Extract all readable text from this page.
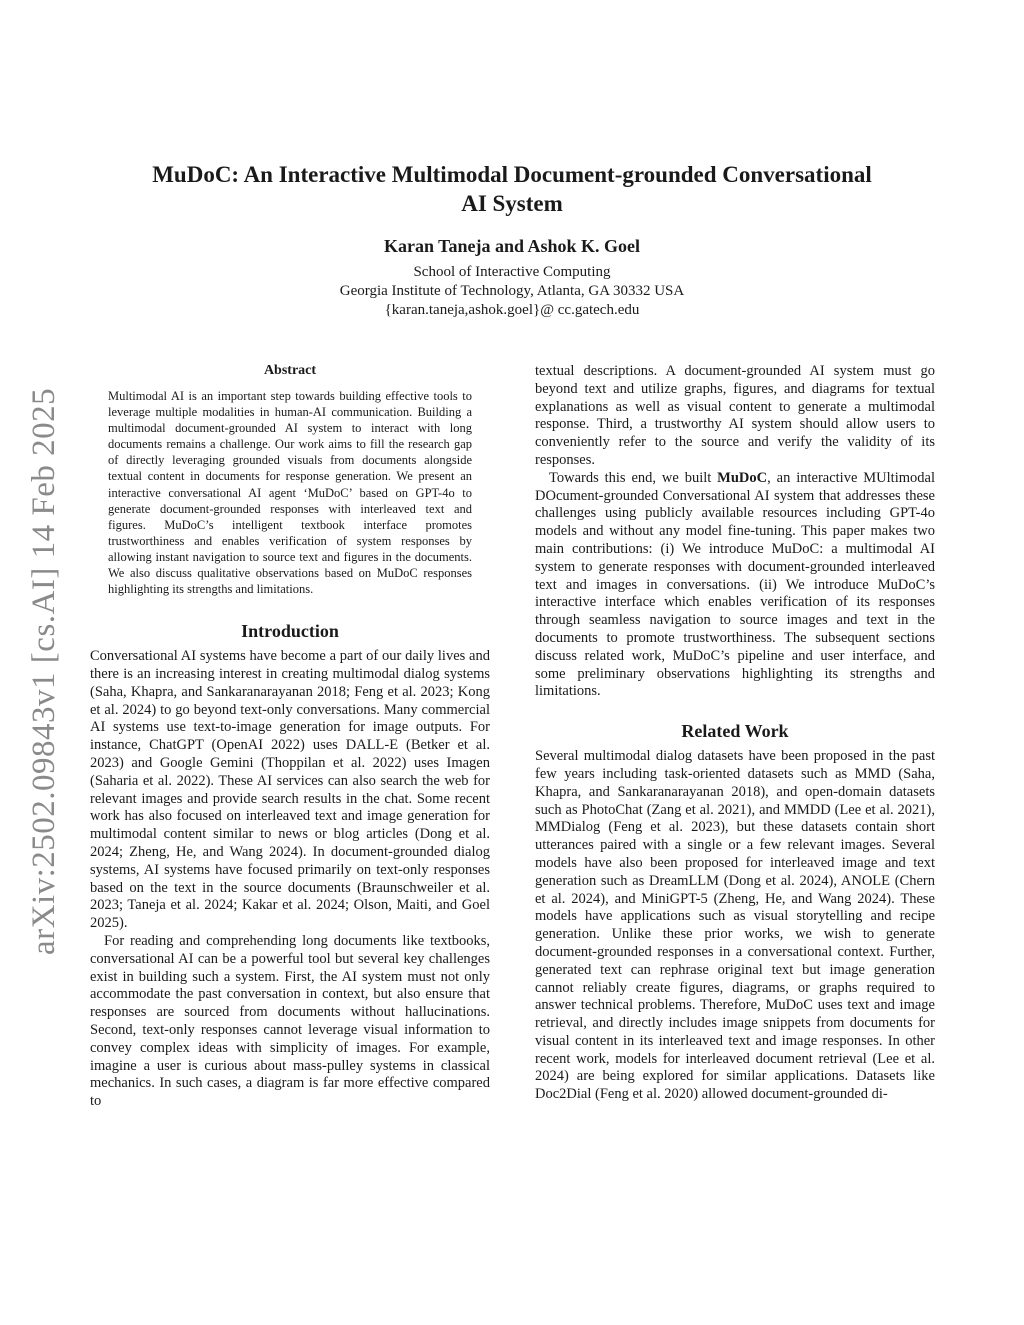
arXiv:2502.09843v1 [cs.AI] 14 Feb 2025
MuDoC: An Interactive Multimodal Document-grounded Conversational AI System
Karan Taneja and Ashok K. Goel
School of Interactive Computing
Georgia Institute of Technology, Atlanta, GA 30332 USA
{karan.taneja,ashok.goel}@ cc.gatech.edu
Abstract

Multimodal AI is an important step towards building effective tools to leverage multiple modalities in human-AI communication. Building a multimodal document-grounded AI system to interact with long documents remains a challenge. Our work aims to fill the research gap of directly leveraging grounded visuals from documents alongside textual content in documents for response generation. We present an interactive conversational AI agent ‘MuDoC’ based on GPT-4o to generate document-grounded responses with interleaved text and figures. MuDoC’s intelligent textbook interface promotes trustworthiness and enables verification of system responses by allowing instant navigation to source text and figures in the documents. We also discuss qualitative observations based on MuDoC responses highlighting its strengths and limitations.

Introduction

Conversational AI systems have become a part of our daily lives and there is an increasing interest in creating multimodal dialog systems (Saha, Khapra, and Sankaranarayanan 2018; Feng et al. 2023; Kong et al. 2024) to go beyond text-only conversations. Many commercial AI systems use text-to-image generation for image outputs. For instance, ChatGPT (OpenAI 2022) uses DALL-E (Betker et al. 2023) and Google Gemini (Thoppilan et al. 2022) uses Imagen (Saharia et al. 2022). These AI services can also search the web for relevant images and provide search results in the chat. Some recent work has also focused on interleaved text and image generation for multimodal content similar to news or blog articles (Dong et al. 2024; Zheng, He, and Wang 2024). In document-grounded dialog systems, AI systems have focused primarily on text-only responses based on the text in the source documents (Braunschweiler et al. 2023; Taneja et al. 2024; Kakar et al. 2024; Olson, Maiti, and Goel 2025).

For reading and comprehending long documents like textbooks, conversational AI can be a powerful tool but several key challenges exist in building such a system. First, the AI system must not only accommodate the past conversation in context, but also ensure that responses are sourced from documents without hallucinations. Second, text-only responses cannot leverage visual information to convey complex ideas with simplicity of images. For example, imagine a user is curious about mass-pulley systems in classical mechanics. In such cases, a diagram is far more effective compared to

textual descriptions. A document-grounded AI system must go beyond text and utilize graphs, figures, and diagrams for textual explanations as well as visual content to generate a multimodal response. Third, a trustworthy AI system should allow users to conveniently refer to the source and verify the validity of its responses.

Towards this end, we built MuDoC, an interactive MUltimodal DOcument-grounded Conversational AI system that addresses these challenges using publicly available resources including GPT-4o models and without any model fine-tuning. This paper makes two main contributions: (i) We introduce MuDoC: a multimodal AI system to generate responses with document-grounded interleaved text and images in conversations. (ii) We introduce MuDoC’s interactive interface which enables verification of its responses through seamless navigation to source images and text in the documents to promote trustworthiness. The subsequent sections discuss related work, MuDoC’s pipeline and user interface, and some preliminary observations highlighting its strengths and limitations.

Related Work

Several multimodal dialog datasets have been proposed in the past few years including task-oriented datasets such as MMD (Saha, Khapra, and Sankaranarayanan 2018), and open-domain datasets such as PhotoChat (Zang et al. 2021), and MMDD (Lee et al. 2021), MMDialog (Feng et al. 2023), but these datasets contain short utterances paired with a single or a few relevant images. Several models have also been proposed for interleaved image and text generation such as DreamLLM (Dong et al. 2024), ANOLE (Chern et al. 2024), and MiniGPT-5 (Zheng, He, and Wang 2024). These models have applications such as visual storytelling and recipe generation. Unlike these prior works, we wish to generate document-grounded responses in a conversational context. Further, generated text can rephrase original text but image generation cannot reliably create figures, diagrams, or graphs required to answer technical problems. Therefore, MuDoC uses text and image retrieval, and directly includes image snippets from documents for visual content in its interleaved text and image responses. In other recent work, models for interleaved document retrieval (Lee et al. 2024) are being explored for similar applications. Datasets like Doc2Dial (Feng et al. 2020) allowed document-grounded di-
